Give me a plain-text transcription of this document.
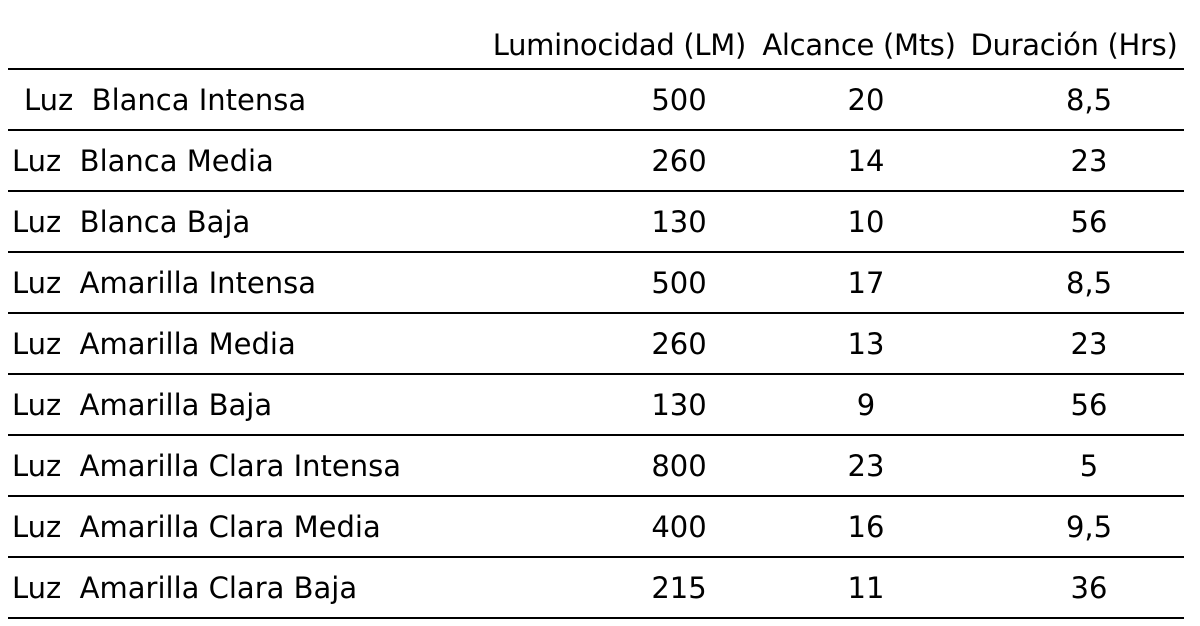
	Luminocidad (LM)	Alcance (Mts)	Duración (Hrs)
Luz  Blanca Intensa	500	20	8,5
Luz  Blanca Media	260	14	23
Luz  Blanca Baja	130	10	56
Luz  Amarilla Intensa	500	17	8,5
Luz  Amarilla Media	260	13	23
Luz  Amarilla Baja	130	9	56
Luz  Amarilla Clara Intensa	800	23	5
Luz  Amarilla Clara Media	400	16	9,5
Luz  Amarilla Clara Baja	215	11	36
